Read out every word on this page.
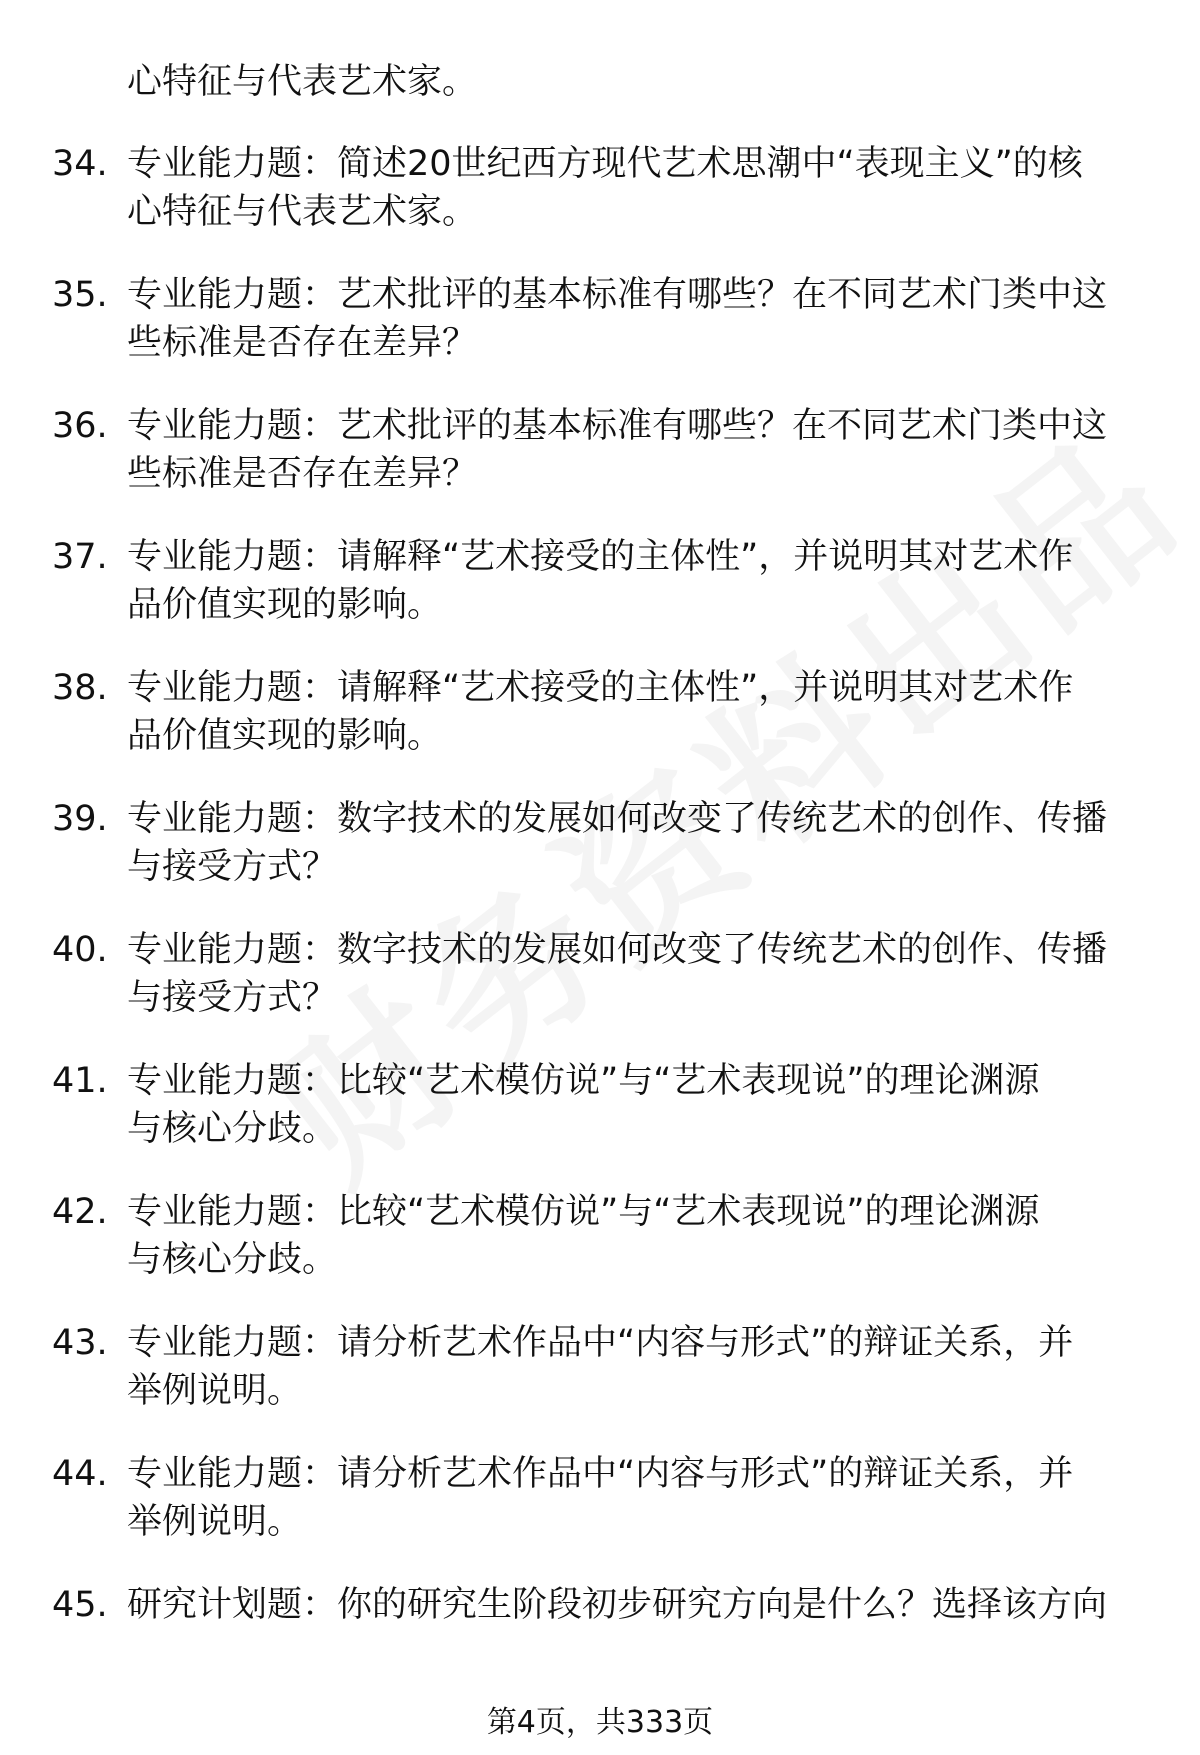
心特征与代表艺术家。
34. 专业能力题：简述20世纪西方现代艺术思潮中“表现主义”的核
心特征与代表艺术家。
35. 专业能力题：艺术批评的基本标准有哪些？在不同艺术门类中这
些标准是否存在差异？
36. 专业能力题：艺术批评的基本标准有哪些？在不同艺术门类中这
些标准是否存在差异？
37. 专业能力题：请解释“艺术接受的主体性”，并说明其对艺术作
品价值实现的影响。
38. 专业能力题：请解释“艺术接受的主体性”，并说明其对艺术作
品价值实现的影响。
39. 专业能力题：数字技术的发展如何改变了传统艺术的创作、传播
与接受方式？
40. 专业能力题：数字技术的发展如何改变了传统艺术的创作、传播
与接受方式？
41. 专业能力题：比较“艺术模仿说”与“艺术表现说”的理论渊源
与核心分歧。
42. 专业能力题：比较“艺术模仿说”与“艺术表现说”的理论渊源
与核心分歧。
43. 专业能力题：请分析艺术作品中“内容与形式”的辩证关系，并
举例说明。
44. 专业能力题：请分析艺术作品中“内容与形式”的辩证关系，并
举例说明。
45. 研究计划题：你的研究生阶段初步研究方向是什么？选择该方向
第4页，共333页
